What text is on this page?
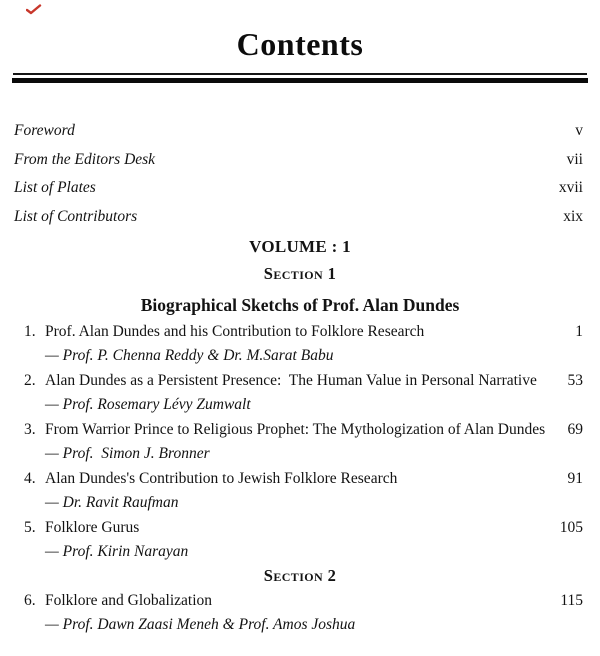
Contents
Foreword	v
From the Editors Desk	vii
List of Plates	xvii
List of Contributors	xix
VOLUME : 1
Section 1
Biographical Sketchs of Prof. Alan Dundes
1. Prof. Alan Dundes and his Contribution to Folklore Research	1
— Prof. P. Chenna Reddy & Dr. M.Sarat Babu
2. Alan Dundes as a Persistent Presence:  The Human Value in Personal Narrative	53
— Prof. Rosemary Lévy Zumwalt
3. From Warrior Prince to Religious Prophet: The Mythologization of Alan Dundes	69
— Prof.  Simon J. Bronner
4. Alan Dundes's Contribution to Jewish Folklore Research	91
— Dr. Ravit Raufman
5. Folklore Gurus	105
— Prof. Kirin Narayan
Section 2
6. Folklore and Globalization	115
— Prof. Dawn Zaasi Meneh & Prof. Amos Joshua
